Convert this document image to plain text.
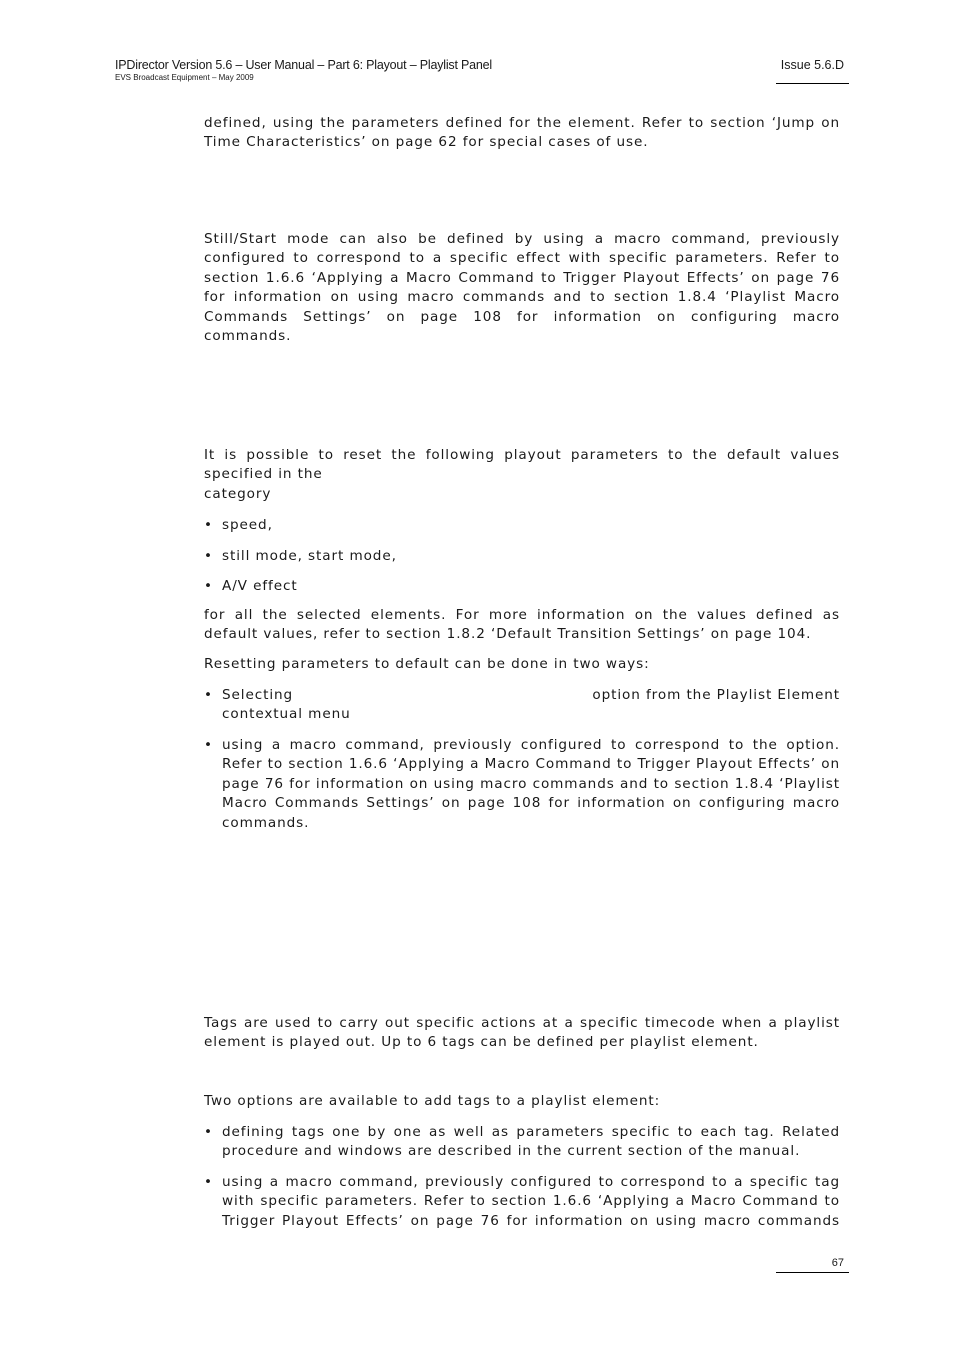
IPDirector Version 5.6 – User Manual – Part 6: Playout – Playlist Panel
EVS Broadcast Equipment – May 2009
Issue 5.6.D

defined, using the parameters defined for the element. Refer to section ‘Jump on Time Characteristics’ on page 62 for special cases of use.

Still/Start mode can also be defined by using a macro command, previously configured to correspond to a specific effect with specific parameters. Refer to section 1.6.6 ‘Applying a Macro Command to Trigger Playout Effects’ on page 76 for information on using macro commands and to section 1.8.4 ‘Playlist Macro Commands Settings’ on page 108 for information on configuring macro commands.

It is possible to reset the following playout parameters to the default values
specified in the
category
• speed,
• still mode, start mode,
• A/V effect

for all the selected elements. For more information on the values defined as default values, refer to section 1.8.2 ‘Default Transition Settings’ on page 104.

Resetting parameters to default can be done in two ways:

• Selecting	option from the Playlist Element
contextual menu
• using a macro command, previously configured to correspond to the option. Refer to section 1.6.6 ‘Applying a Macro Command to Trigger Playout Effects’ on page 76 for information on using macro commands and to section 1.8.4 ‘Playlist Macro Commands Settings’ on page 108 for information on configuring macro commands.

Tags are used to carry out specific actions at a specific timecode when a playlist element is played out. Up to 6 tags can be defined per playlist element.

Two options are available to add tags to a playlist element:

• defining tags one by one as well as parameters specific to each tag. Related procedure and windows are described in the current section of the manual.
• using a macro command, previously configured to correspond to a specific tag with specific parameters. Refer to section 1.6.6 ‘Applying a Macro Command to Trigger Playout Effects’ on page 76 for information on using macro commands
67
